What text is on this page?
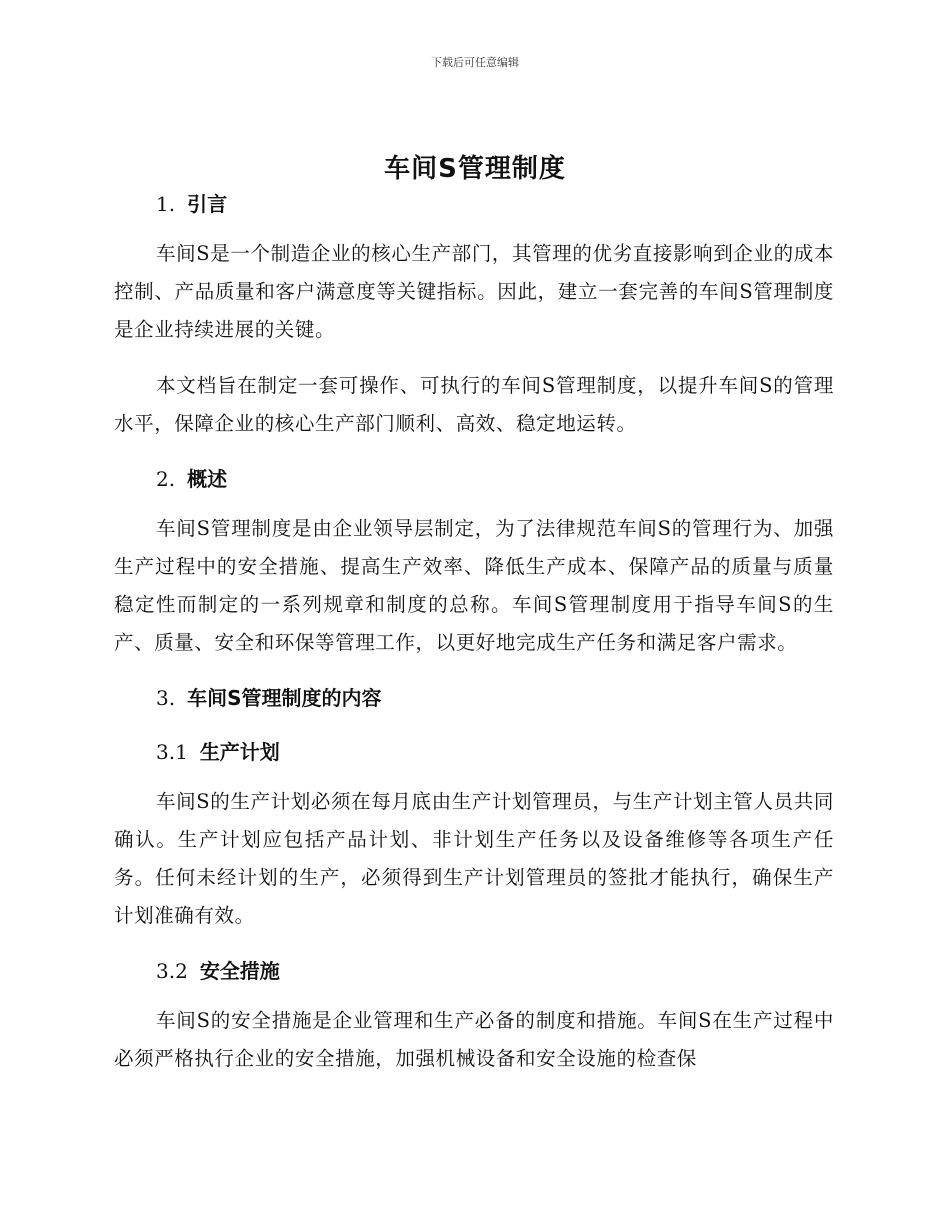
下载后可任意编辑
车间S管理制度
1. 引言

车间S是一个制造企业的核心生产部门，其管理的优劣直接影响到企业的成本控制、产品质量和客户满意度等关键指标。因此，建立一套完善的车间S管理制度是企业持续进展的关键。

本文档旨在制定一套可操作、可执行的车间S管理制度，以提升车间S的管理水平，保障企业的核心生产部门顺利、高效、稳定地运转。

2. 概述

车间S管理制度是由企业领导层制定，为了法律规范车间S的管理行为、加强生产过程中的安全措施、提高生产效率、降低生产成本、保障产品的质量与质量稳定性而制定的一系列规章和制度的总称。车间S管理制度用于指导车间S的生产、质量、安全和环保等管理工作，以更好地完成生产任务和满足客户需求。

3. 车间S管理制度的内容
3.1 生产计划

车间S的生产计划必须在每月底由生产计划管理员，与生产计划主管人员共同确认。生产计划应包括产品计划、非计划生产任务以及设备维修等各项生产任务。任何未经计划的生产，必须得到生产计划管理员的签批才能执行，确保生产计划准确有效。

3.2 安全措施

车间S的安全措施是企业管理和生产必备的制度和措施。车间S在生产过程中必须严格执行企业的安全措施，加强机械设备和安全设施的检查保
